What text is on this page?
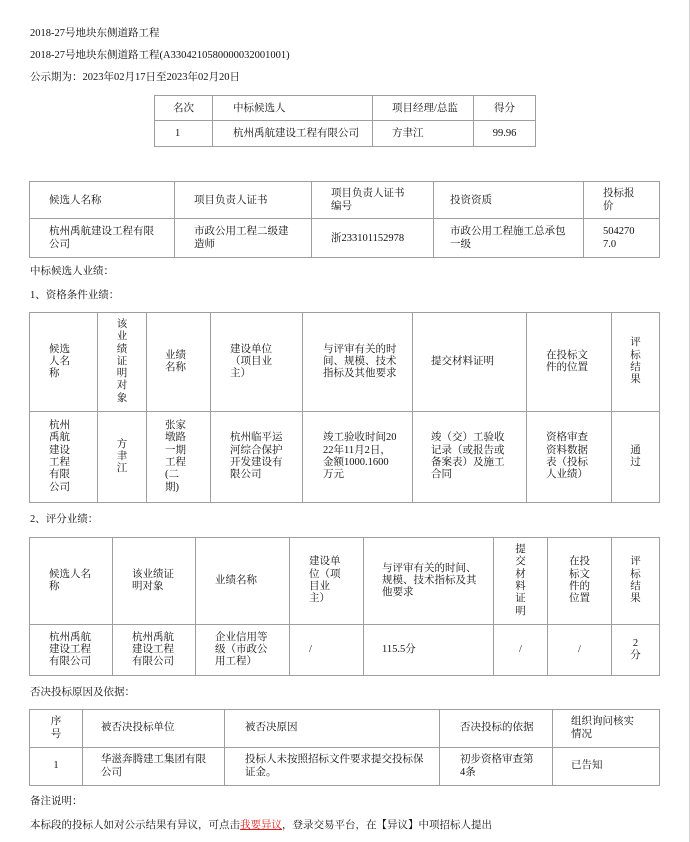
2018-27号地块东侧道路工程
2018-27号地块东侧道路工程(A3304210580000032001001)
公示期为：2023年02月17日至2023年02月20日
名次	中标候选人	项目经理/总监	得分
1	杭州禹航建设工程有限公司	方聿江	99.96
候选人名称	项目负责人证书	项目负责人证书编号	投资资质	投标报价
杭州禹航建设工程有限公司	市政公用工程二级建造师	浙233101152978	市政公用工程施工总承包一级	5042707.0
中标候选人业绩：
1、资格条件业绩：
候选人名称	该业绩证明对象	业绩名称	建设单位（项目业主）	与评审有关的时间、规模、技术指标及其他要求	提交材料证明	在投标文件的位置	评标结果
杭州禹航建设工程有限公司	方聿江	张家墩路一期工程(二期)	杭州临平运河综合保护开发建设有限公司	竣工验收时间2022年11月2日，金额1000.1600万元	竣（交）工验收记录（或报告或备案表）及施工合同	资格审查资料数据表（投标人业绩）	通过
2、评分业绩：
候选人名称	该业绩证明对象	业绩名称	建设单位（项目业主）	与评审有关的时间、规模、技术指标及其他要求	提交材料证明	在投标文件的位置	评标结果
杭州禹航建设工程有限公司	杭州禹航建设工程有限公司	企业信用等级（市政公用工程）	/	115.5分	/	/	2分
否决投标原因及依据：
序号	被否决投标单位	被否决原因	否决投标的依据	组织询问核实情况
1	华滋奔腾建工集团有限公司	投标人未按照招标文件要求提交投标保证金。	初步资格审查第4条	已告知
备注说明：
本标段的投标人如对公示结果有异议，可点击我要异议，登录交易平台，在【异议】中项招标人提出
